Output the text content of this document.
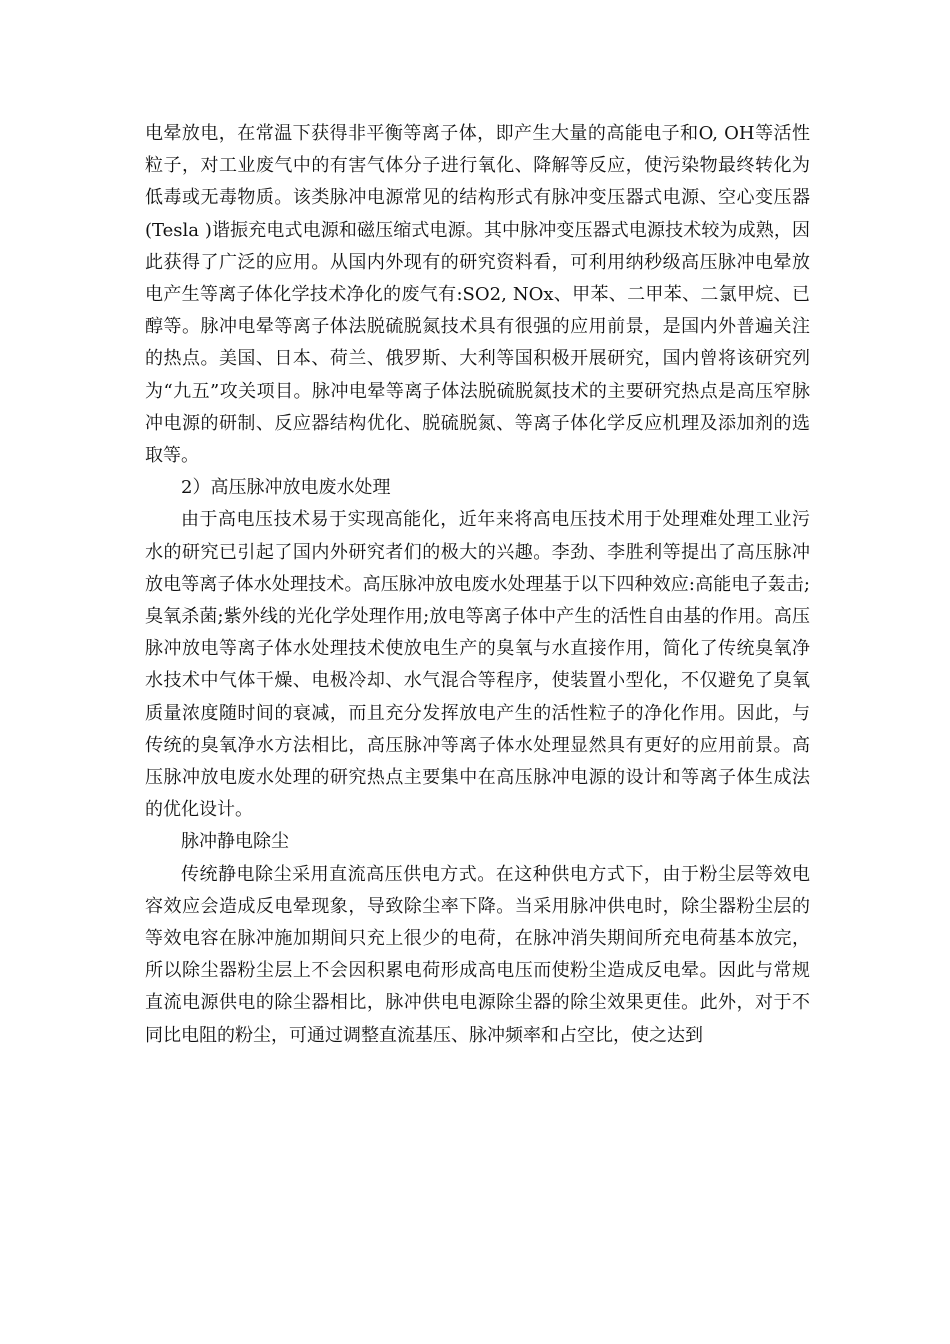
电晕放电，在常温下获得非平衡等离子体，即产生大量的高能电子和O, OH等活性粒子，对工业废气中的有害气体分子进行氧化、降解等反应，使污染物最终转化为低毒或无毒物质。该类脉冲电源常见的结构形式有脉冲变压器式电源、空心变压器(Tesla )谐振充电式电源和磁压缩式电源。其中脉冲变压器式电源技术较为成熟，因此获得了广泛的应用。从国内外现有的研究资料看，可利用纳秒级高压脉冲电晕放电产生等离子体化学技术净化的废气有:SO2, NOx、甲苯、二甲苯、二氯甲烷、已醇等。脉冲电晕等离子体法脱硫脱氮技术具有很强的应用前景，是国内外普遍关注的热点。美国、日本、荷兰、俄罗斯、大利等国积极开展研究，国内曾将该研究列为“九五”攻关项目。脉冲电晕等离子体法脱硫脱氮技术的主要研究热点是高压窄脉冲电源的研制、反应器结构优化、脱硫脱氮、等离子体化学反应机理及添加剂的选取等。

2）高压脉冲放电废水处理

由于高电压技术易于实现高能化，近年来将高电压技术用于处理难处理工业污水的研究已引起了国内外研究者们的极大的兴趣。李劲、李胜利等提出了高压脉冲放电等离子体水处理技术。高压脉冲放电废水处理基于以下四种效应:高能电子轰击;臭氧杀菌;紫外线的光化学处理作用;放电等离子体中产生的活性自由基的作用。高压脉冲放电等离子体水处理技术使放电生产的臭氧与水直接作用，简化了传统臭氧净水技术中气体干燥、电极冷却、水气混合等程序，使装置小型化，不仅避免了臭氧质量浓度随时间的衰减，而且充分发挥放电产生的活性粒子的净化作用。因此，与传统的臭氧净水方法相比，高压脉冲等离子体水处理显然具有更好的应用前景。高压脉冲放电废水处理的研究热点主要集中在高压脉冲电源的设计和等离子体生成法的优化设计。

脉冲静电除尘

传统静电除尘采用直流高压供电方式。在这种供电方式下，由于粉尘层等效电容效应会造成反电晕现象，导致除尘率下降。当采用脉冲供电时，除尘器粉尘层的等效电容在脉冲施加期间只充上很少的电荷，在脉冲消失期间所充电荷基本放完，所以除尘器粉尘层上不会因积累电荷形成高电压而使粉尘造成反电晕。因此与常规直流电源供电的除尘器相比，脉冲供电电源除尘器的除尘效果更佳。此外，对于不同比电阻的粉尘，可通过调整直流基压、脉冲频率和占空比，使之达到
